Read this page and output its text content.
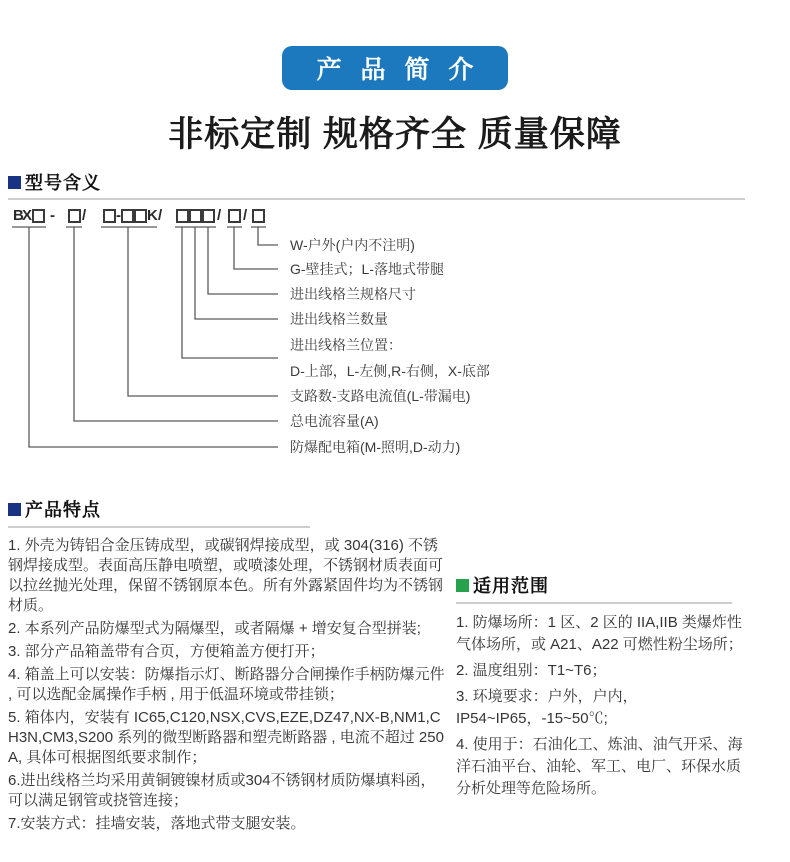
产 品 简 介
非标定制 规格齐全 质量保障
型号含义
B
X - / - K /	/ /
W-户外(户内不注明)
G-壁挂式；L-落地式带腿
进出线格兰规格尺寸
进出线格兰数量
进出线格兰位置：
D-上部，L-左侧,R-右侧，X-底部
支路数-支路电流值(L-带漏电)
总电流容量(A)
防爆配电箱(M-照明,D-动力)
产品特点

1. 外壳为铸铝合金压铸成型，或碳钢焊接成型，或 304(316) 不锈钢焊接成型。表面高压静电喷塑，或喷漆处理，不锈钢材质表面可以拉丝抛光处理，保留不锈钢原本色。所有外露紧固件均为不锈钢材质。

2. 本系列产品防爆型式为隔爆型，或者隔爆 + 增安复合型拼装;

3. 部分产品箱盖带有合页，方便箱盖方便打开；

4. 箱盖上可以安装：防爆指示灯、断路器分合闸操作手柄防爆元件 , 可以选配金属操作手柄 , 用于低温环境或带挂锁；

5. 箱体内，安装有 IC65,C120,NSX,CVS,EZE,DZ47,NX-B,NM1,CH3N,CM3,S200 系列的微型断路器和塑壳断路器 , 电流不超过 250A, 具体可根据图纸要求制作；

6.进出线格兰均采用黄铜镀镍材质或304不锈钢材质防爆填料函，可以满足钢管或挠管连接；

7.安装方式：挂墙安装，落地式带支腿安装。

适用范围

1. 防爆场所：1 区、2 区的 IIA,IIB 类爆炸性气体场所，或 A21、A22 可燃性粉尘场所；

2. 温度组别：T1~T6；

3. 环境要求：户外，户内，IP54~IP65，-15~50℃;

4. 使用于：石油化工、炼油、油气开采、海洋石油平台、油轮、军工、电厂、环保水质分析处理等危险场所。
